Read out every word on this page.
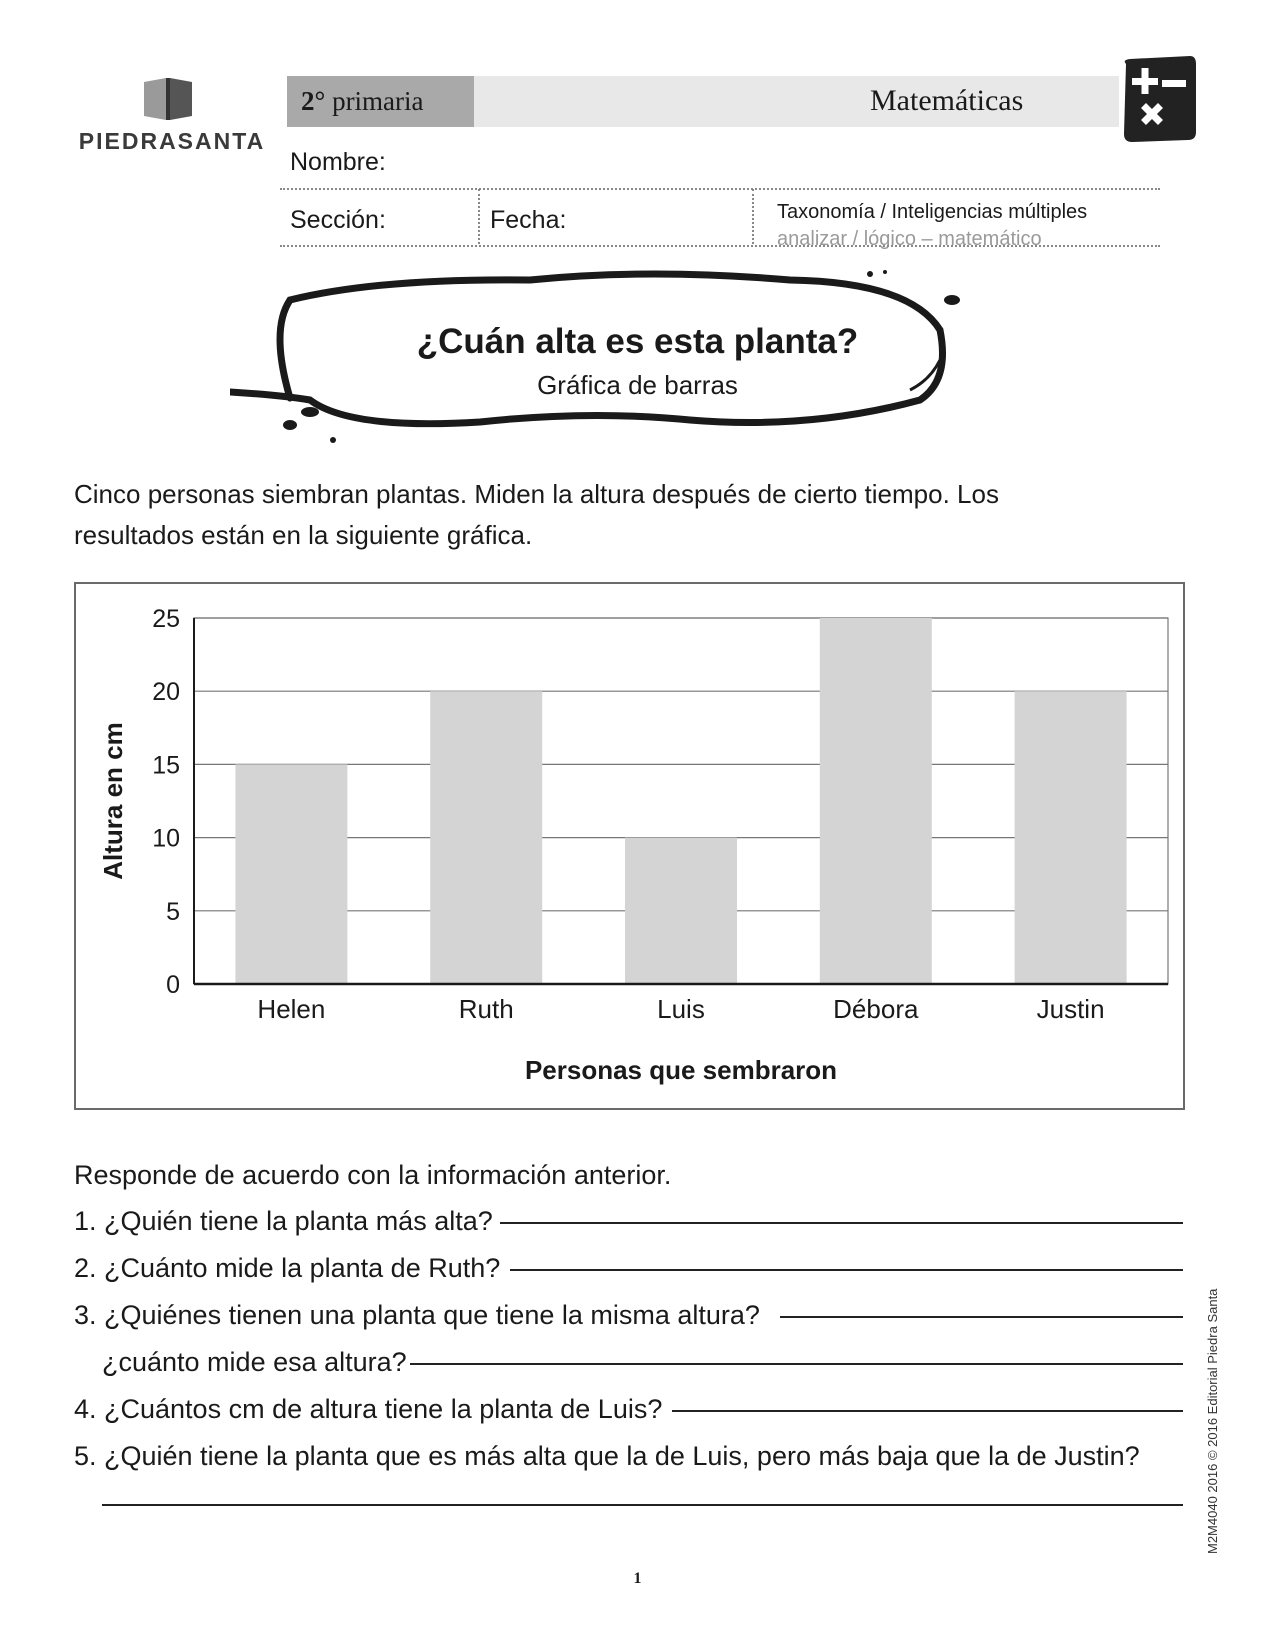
PIEDRASANTA
2° primaria	Matemáticas
Nombre:
Sección:	Fecha:	Taxonomía / Inteligencias múltiples
analizar / lógico – matemático
¿Cuán alta es esta planta?
Gráfica de barras
Cinco personas siembran plantas. Miden la altura después de cierto tiempo. Los
resultados están en la siguiente gráfica.
0
5
10
15
20
25
Helen	Ruth	Luis	Débora	Justin
Personas que sembraron
Altura en cm
Responde de acuerdo con la información anterior.
1. ¿Quién tiene la planta más alta?
2. ¿Cuánto mide la planta de Ruth?
3. ¿Quiénes tienen una planta que tiene la misma altura?
¿cuánto mide esa altura?
4. ¿Cuántos cm de altura tiene la planta de Luis?
5. ¿Quién tiene la planta que es más alta que la de Luis, pero más baja que la de Justin?	M2M4040 2016 © 2016 Editorial Piedra Santa
1
